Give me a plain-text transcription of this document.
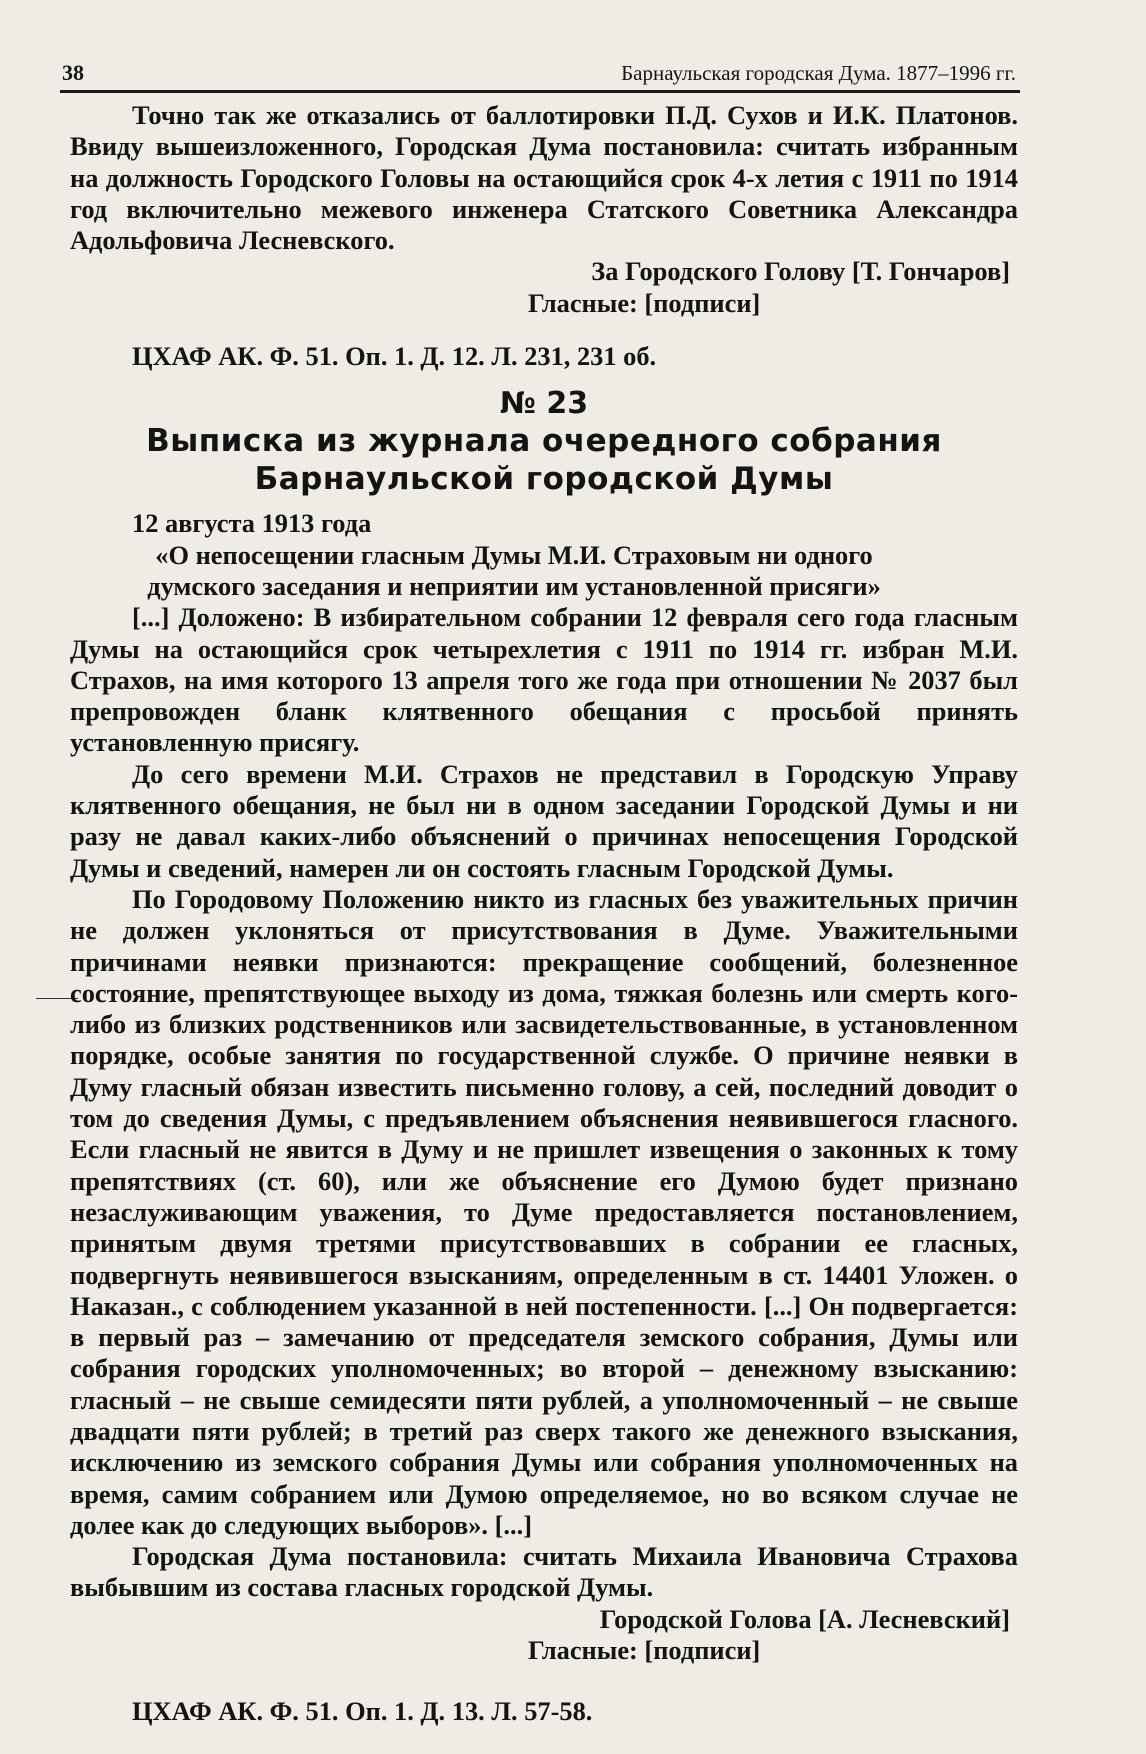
38	Барнаульская городская Дума. 1877–1996 гг.

Точно так же отказались от баллотировки П.Д. Сухов и И.К. Платонов. Ввиду вышеизложенного, Городская Дума постановила: считать избранным на должность Городского Головы на остающийся срок 4-х летия с 1911 по 1914 год включительно межевого инженера Статского Советника Александра Адольфовича Лесневского.

За Городского Голову [Т. Гончаров]

Гласные: [подписи]

ЦХАФ АК. Ф. 51. Оп. 1. Д. 12. Л. 231, 231 об.

№ 23

Выписка из журнала очередного собрания

Барнаульской городской Думы

12 августа 1913 года

«О непосещении гласным Думы М.И. Страховым ни одного думского заседания и неприятии им установленной присяги»

[...] Доложено: В избирательном собрании 12 февраля сего года гласным Думы на остающийся срок четырехлетия с 1911 по 1914 гг. избран М.И. Страхов, на имя которого 13 апреля того же года при отношении № 2037 был препровожден бланк клятвенного обещания с просьбой принять установленную присягу.

До сего времени М.И. Страхов не представил в Городскую Управу клятвенного обещания, не был ни в одном заседании Городской Думы и ни разу не давал каких-либо объяснений о причинах непосещения Городской Думы и сведений, намерен ли он состоять гласным Городской Думы.

По Городовому Положению никто из гласных без уважительных причин не должен уклоняться от присутствования в Думе. Уважительными причинами неявки признаются: прекращение сообщений, болезненное состояние, препятствующее выходу из дома, тяжкая болезнь или смерть кого-либо из близких родственников или засвидетельствованные, в установленном порядке, особые занятия по государственной службе. О причине неявки в Думу гласный обязан известить письменно голову, а сей, последний доводит о том до сведения Думы, с предъявлением объяснения неявившегося гласного. Если гласный не явится в Думу и не пришлет извещения о законных к тому препятствиях (ст. 60), или же объяснение его Думою будет признано незаслуживающим уважения, то Думе предоставляется постановлением, принятым двумя третями присутствовавших в собрании ее гласных, подвергнуть неявившегося взысканиям, определенным в ст. 14401 Уложен. о Наказан., с соблюдением указанной в ней постепенности. [...] Он подвергается: в первый раз – замечанию от председателя земского собрания, Думы или собрания городских уполномоченных; во второй – денежному взысканию: гласный – не свыше семидесяти пяти рублей, а уполномоченный – не свыше двадцати пяти рублей; в третий раз сверх такого же денежного взыскания, исключению из земского собрания Думы или собрания уполномоченных на время, самим собранием или Думою определяемое, но во всяком случае не долее как до следующих выборов». [...]

Городская Дума постановила: считать Михаила Ивановича Страхова выбывшим из состава гласных городской Думы.

Городской Голова [А. Лесневский]

Гласные: [подписи]

ЦХАФ АК. Ф. 51. Оп. 1. Д. 13. Л. 57-58.
